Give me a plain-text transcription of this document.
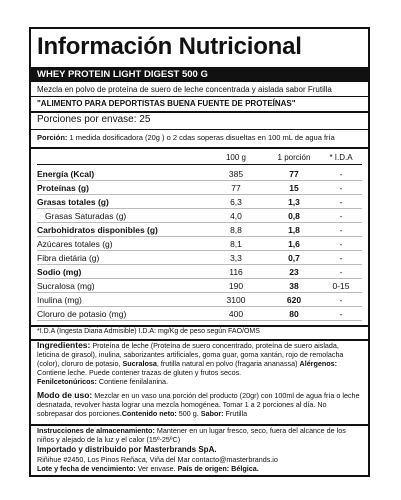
Información Nutricional
WHEY PROTEIN LIGHT DIGEST 500 G
Mezcla en polvo de proteína de suero de leche concentrada y aislada sabor Frutilla
"ALIMENTO PARA DEPORTISTAS BUENA FUENTE DE PROTEÍNAS"
Porciones por envase: 25
Porción: 1 medida dosificadora (20g ) o 2 cdas soperas disueltas en 100 mL de agua fría
100 g	1 porción	* I.D.A
Energía (Kcal)	385	77	-
Proteínas (g)	77	15	-
Grasas totales (g)	6,3	1,3	-
Grasas Saturadas (g)	4,0	0,8	-
Carbohidratos disponibles (g)	8,8	1,8	-
Azúcares totales (g)	8,1	1,6	-
Fibra dietária (g)	3,3	0,7	-
Sodio (mg)	116	23	-
Sucralosa (mg)	190	38	0-15
Inulina (mg)	3100	620	-
Cloruro de potasio (mg)	400	80	-
*I.D.A (Ingesta Diaria Admisible) I.D.A: mg/Kg de peso según FAO/OMS
Ingredientes: Proteína de leche (Proteína de suero concentrado, proteína de suero aislada, leticina de girasol), inulina, saborizantes artificiales, goma guar, goma xantán, rojo de remolacha (color), cloruro de potasio, Sucralosa, frutilla natural en polvo (fragaria ananassa) Alérgenos: Contiene leche. Puede contener trazas de gluten y frutos secos.
Fenilcetonúricos: Contiene fenilalanina.
Modo de uso: Mezclar en un vaso una porción del producto (20gr) con 100ml de agua fría o leche desnatada, revolver hasta lograr una mezcla homogénea. Tomar 1 a 2 porciones al día. No sobrepasar dos porciones.Contenido neto: 500 g. Sabor: Frutilla
Instrucciones de almacenamiento: Mantener en un lugar fresco, seco, fuera del alcance de los niños y alejado de la luz y el calor (15º-25ºC)
Importado y distribuido por Masterbrands SpA.
Riñihue #2450, Los Pinos Reñaca, Viña del Mar contacto@masterbrands.io
Lote y fecha de vencimiento: Ver envase. País de origen: Bélgica.
